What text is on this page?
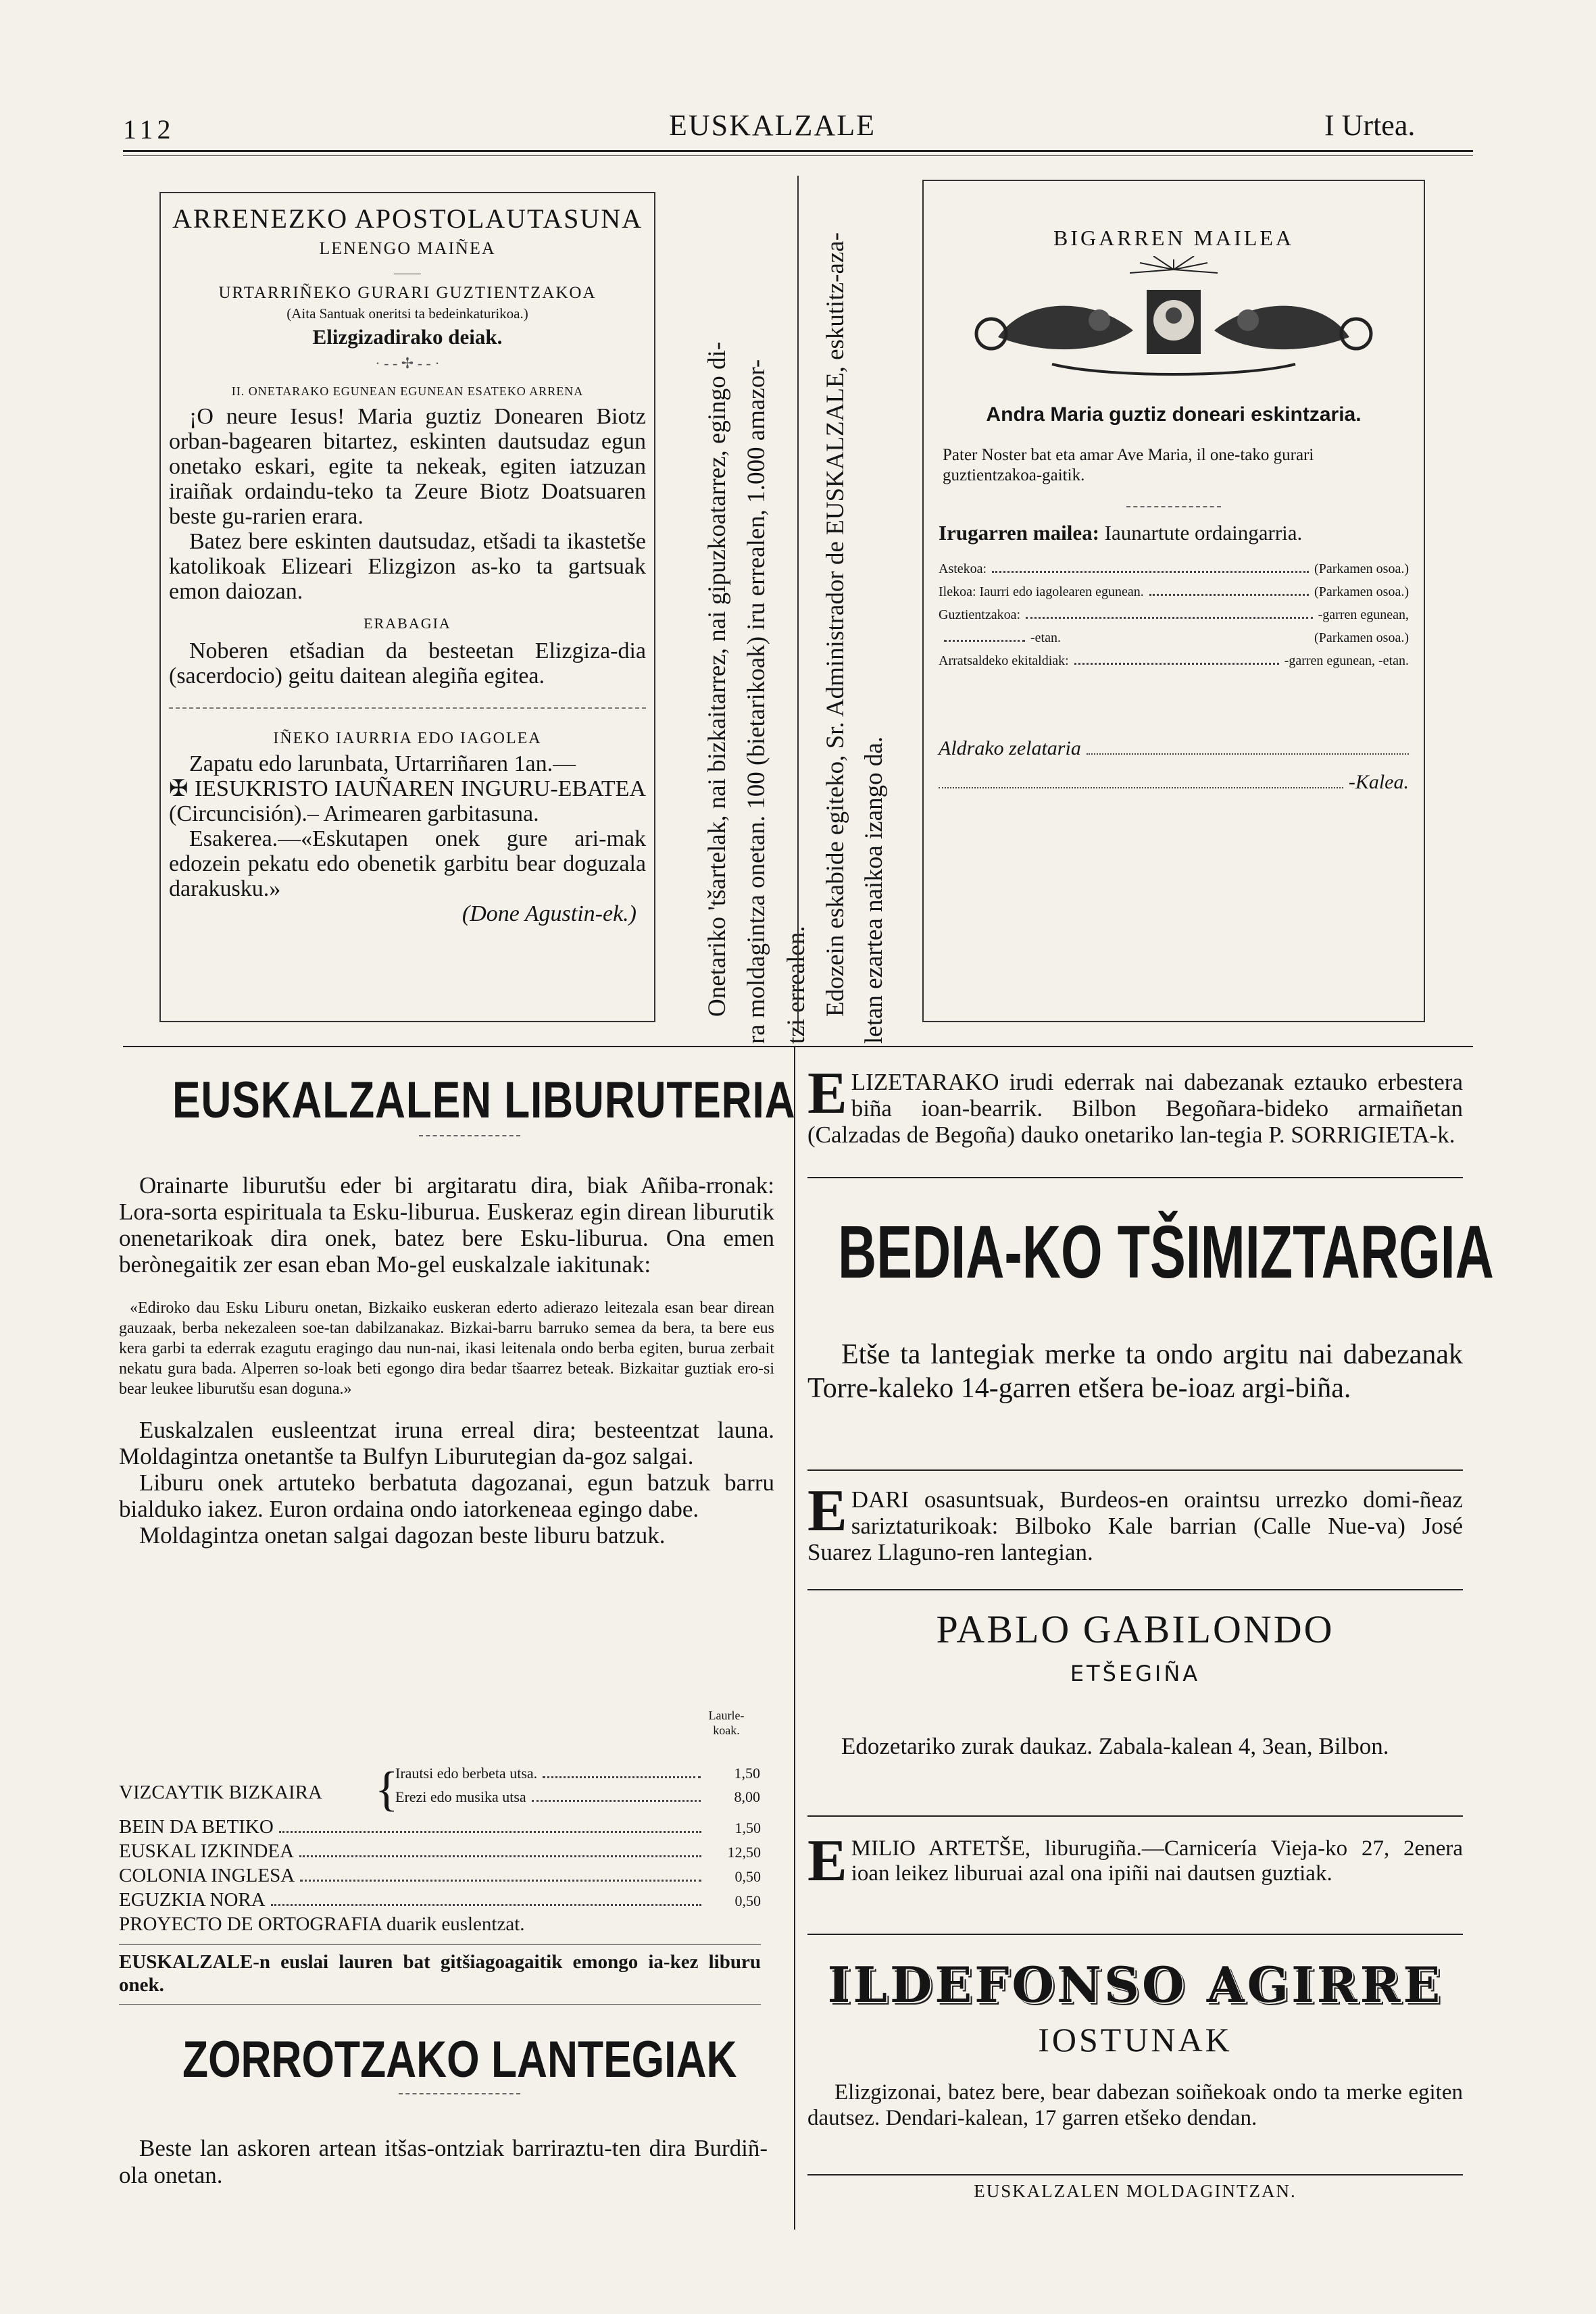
112	EUSKALZALE	I Urtea.
ARRENEZKO APOSTOLAUTASUNA
LENENGO MAIÑEA
URTARRIÑEKO GURARI GUZTIENTZAKOA
(Aita Santuak oneritsi ta bedeinkaturikoa.)
Elizgizadirako deiak.
· ‑ ‑ ✢ ‑ ‑ ·
II. ONETARAKO EGUNEAN EGUNEAN ESATEKO ARRENA

¡O neure Iesus! Maria guztiz Donearen Biotz orban-bagearen bitartez, eskinten dautsudaz egun onetako eskari, egite ta nekeak, egiten iatzuzan iraiñak ordaindu-teko ta Zeure Biotz Doatsuaren beste gu-rarien erara.

Batez bere eskinten dautsudaz, etšadi ta ikastetše katolikoak Elizeari Elizgizon as-ko ta gartsuak emon daiozan.

ERABAGIA

Noberen etšadian da besteetan Elizgiza-dia (sacerdocio) geitu daitean alegiña egitea.

IÑEKO IAURRIA EDO IAGOLEA

Zapatu edo larunbata, Urtarriñaren 1an.—

✠ IESUKRISTO IAUÑAREN INGURU-EBATEA (Circuncisión).– Arimearen garbitasuna.

Esakerea.—«Eskutapen onek gure ari-mak edozein pekatu edo obenetik garbitu bear doguzala darakusku.»

(Done Agustin-ek.)	Onetariko 'tšartelak, nai bizkaitarrez, nai gipuzkoatarrez, egingo di- ra moldagintza onetan. 100 (bietarikoak) iru errealen, 1.000 amazor- tzi errealen. Edozein eskabide egiteko, Sr. Administrador de EUSKALZALE, eskutitz-aza- letan ezartea naikoa izango da.
BIGARREN MAILEA
Andra Maria guztiz doneari eskintzaria.

Pater Noster bat eta amar Ave Maria, il one-tako gurari guztientzakoa-gaitik.

Irugarren mailea: Iaunartute ordaingarria.
Astekoa:	(Parkamen osoa.)
Ilekoa: Iaurri edo iagolearen egunean.	(Parkamen osoa.)
Guztientzakoa:	-garren egunean,
-etan.	(Parkamen osoa.)
Arratsaldeko ekitaldiak:	-garren egunean, -etan.
Aldrako zelataria
-Kalea.
EUSKALZALEN LIBURUTERIA

Orainarte liburutšu eder bi argitaratu dira, biak Añiba-rronak: Lora-sorta espirituala ta Esku-liburua. Euskeraz egin direan liburutik onenetarikoak dira onek, batez bere Esku-liburua. Ona emen berònegaitik zer esan eban Mo-gel euskalzale iakitunak:

«Ediroko dau Esku Liburu onetan, Bizkaiko euskeran ederto adierazo leitezala esan bear direan gauzaak, berba nekezaleen soe-tan dabilzanakaz. Bizkai-barru barruko semea da bera, ta bere eus kera garbi ta ederrak ezagutu eragingo dau nun-nai, ikasi leitenala ondo berba egiten, burua zerbait nekatu gura bada. Alperren so-loak beti egongo dira bedar tšaarrez beteak. Bizkaitar guztiak ero-si bear leukee liburutšu esan doguna.»

Euskalzalen eusleentzat iruna erreal dira; besteentzat launa. Moldagintza onetantše ta Bulfyn Liburutegian da-goz salgai.

Liburu onek artuteko berbatuta dagozanai, egun batzuk barru bialduko iakez. Euron ordaina ondo iatorkeneaa egingo dabe.

Moldagintza onetan salgai dagozan beste liburu batzuk.

Laurle-koak.
VIZCAYTIK BIZKAIRA {
Irautsi edo berbeta utsa.	1,50
Erezi edo musika utsa	8,00
BEIN DA BETIKO	1,50
EUSKAL IZKINDEA	12,50
COLONIA INGLESA	0,50
EGUZKIA NORA	0,50
PROYECTO DE ORTOGRAFIA duarik euslentzat.

EUSKALZALE-n euslai lauren bat gitšiagoagaitik emongo ia-kez liburu onek.

ZORROTZAKO LANTEGIAK

Beste lan askoren artean itšas-ontziak barriraztu-ten dira Burdiñ-ola onetan.

E LIZETARAKO irudi ederrak nai dabezanak eztauko erbestera biña ioan-bearrik. Bilbon Begoñara-bideko armaiñetan (Calzadas de Begoña) dauko onetariko lan-tegia P. SORRIGIETA-k.

BEDIA-KO TŠIMIZTARGIA

Etše ta lantegiak merke ta ondo argitu nai dabezanak Torre-kaleko 14-garren etšera be-ioaz argi-biña.

E DARI osasuntsuak, Burdeos-en oraintsu urrezko domi-ñeaz sariztaturikoak: Bilboko Kale barrian (Calle Nue-va) José Suarez Llaguno-ren lantegian.

PABLO GABILONDO
ETŠEGIÑA

Edozetariko zurak daukaz. Zabala-kalean 4, 3ean, Bilbon.

E MILIO ARTETŠE, liburugiña.—Carnicería Vieja-ko 27, 2enera ioan leikez liburuai azal ona ipiñi nai dautsen guztiak.

ILDEFONSO AGIRRE
IOSTUNAK

Elizgizonai, batez bere, bear dabezan soiñekoak ondo ta merke egiten dautsez. Dendari-kalean, 17 garren etšeko dendan.

EUSKALZALEN MOLDAGINTZAN.
